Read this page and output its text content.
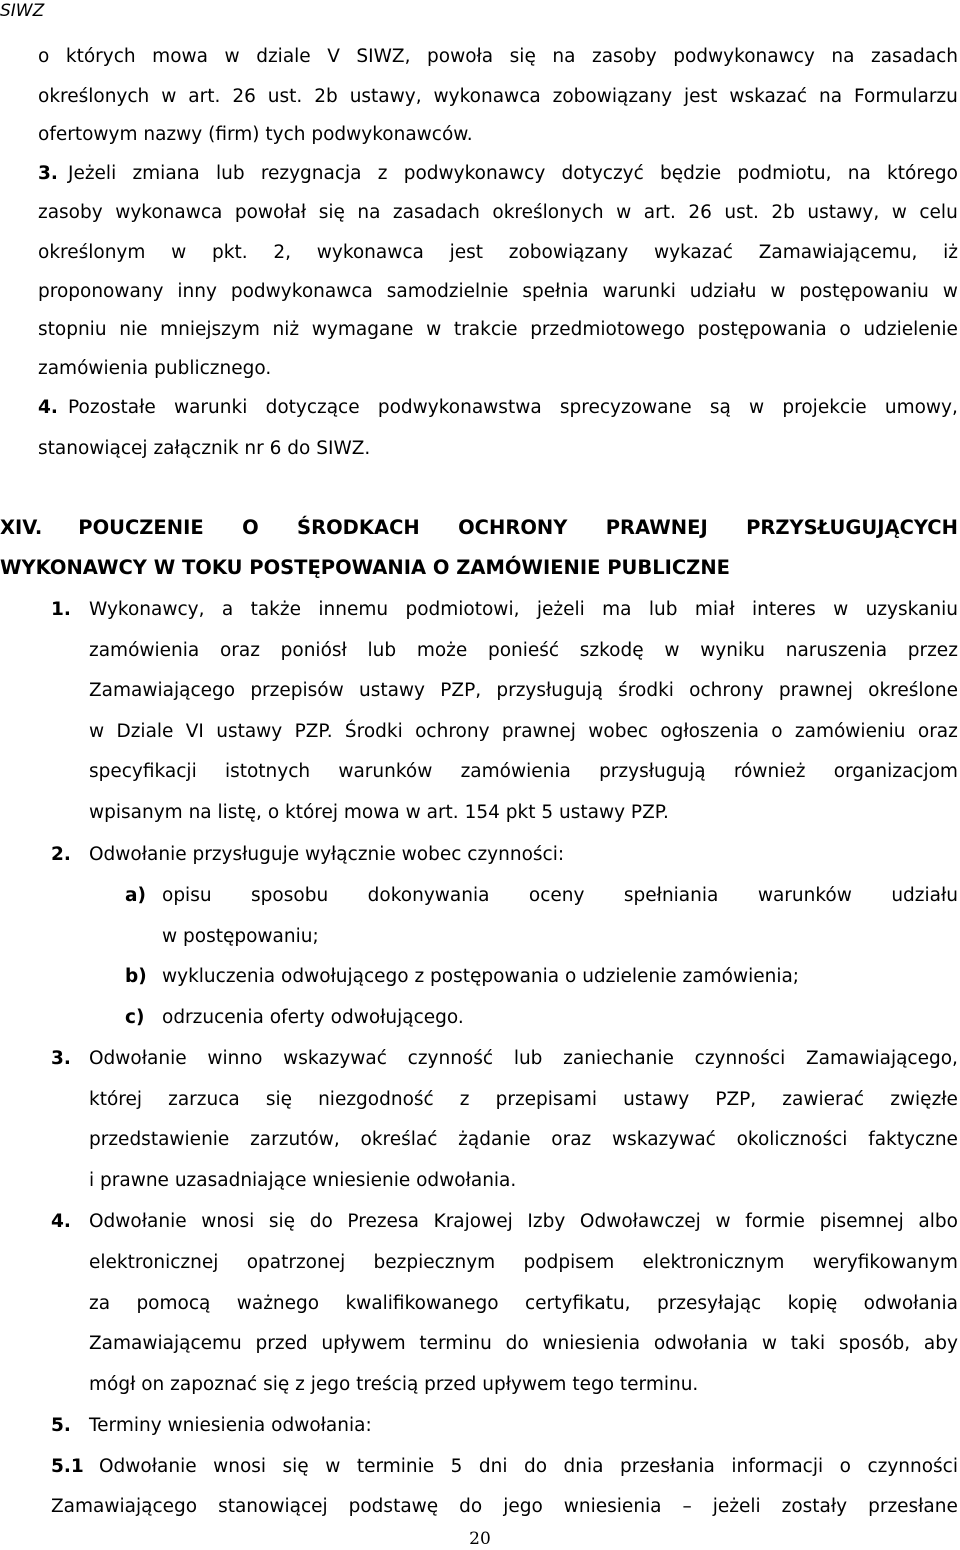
SIWZ
o których mowa w dziale V SIWZ, powoła się na zasoby podwykonawcy na zasadach
określonych w art. 26 ust. 2b ustawy, wykonawca zobowiązany jest wskazać na Formularzu
ofertowym nazwy (firm) tych podwykonawców.
3. Jeżeli zmiana lub rezygnacja z podwykonawcy dotyczyć będzie podmiotu, na którego
zasoby wykonawca powołał się na zasadach określonych w art. 26 ust. 2b ustawy, w celu
określonym w pkt. 2, wykonawca jest zobowiązany wykazać Zamawiającemu, iż
proponowany inny podwykonawca samodzielnie spełnia warunki udziału w postępowaniu w
stopniu nie mniejszym niż wymagane w trakcie przedmiotowego postępowania o udzielenie
zamówienia publicznego.
4. Pozostałe warunki dotyczące podwykonawstwa sprecyzowane są w projekcie umowy,
stanowiącej załącznik nr 6 do SIWZ.
XIV. POUCZENIE O ŚRODKACH OCHRONY PRAWNEJ PRZYSŁUGUJĄCYCH
WYKONAWCY W TOKU POSTĘPOWANIA O ZAMÓWIENIE PUBLICZNE
1. Wykonawcy, a także innemu podmiotowi, jeżeli ma lub miał interes w uzyskaniu
zamówienia oraz poniósł lub może ponieść szkodę w wyniku naruszenia przez
Zamawiającego przepisów ustawy PZP, przysługują środki ochrony prawnej określone
w Dziale VI ustawy PZP. Środki ochrony prawnej wobec ogłoszenia o zamówieniu oraz
specyfikacji istotnych warunków zamówienia przysługują również organizacjom
wpisanym na listę, o której mowa w art. 154 pkt 5 ustawy PZP.
2. Odwołanie przysługuje wyłącznie wobec czynności:
a) opisu sposobu dokonywania oceny spełniania warunków udziału
w postępowaniu;
b) wykluczenia odwołującego z postępowania o udzielenie zamówienia;
c) odrzucenia oferty odwołującego.
3. Odwołanie winno wskazywać czynność lub zaniechanie czynności Zamawiającego,
której zarzuca się niezgodność z przepisami ustawy PZP, zawierać zwięzłe
przedstawienie zarzutów, określać żądanie oraz wskazywać okoliczności faktyczne
i prawne uzasadniające wniesienie odwołania.
4. Odwołanie wnosi się do Prezesa Krajowej Izby Odwoławczej w formie pisemnej albo
elektronicznej opatrzonej bezpiecznym podpisem elektronicznym weryfikowanym
za pomocą ważnego kwalifikowanego certyfikatu, przesyłając kopię odwołania
Zamawiającemu przed upływem terminu do wniesienia odwołania w taki sposób, aby
mógł on zapoznać się z jego treścią przed upływem tego terminu.
5. Terminy wniesienia odwołania:
5.1 Odwołanie wnosi się w terminie 5 dni do dnia przesłania informacji o czynności
Zamawiającego stanowiącej podstawę do jego wniesienia – jeżeli zostały przesłane
20
